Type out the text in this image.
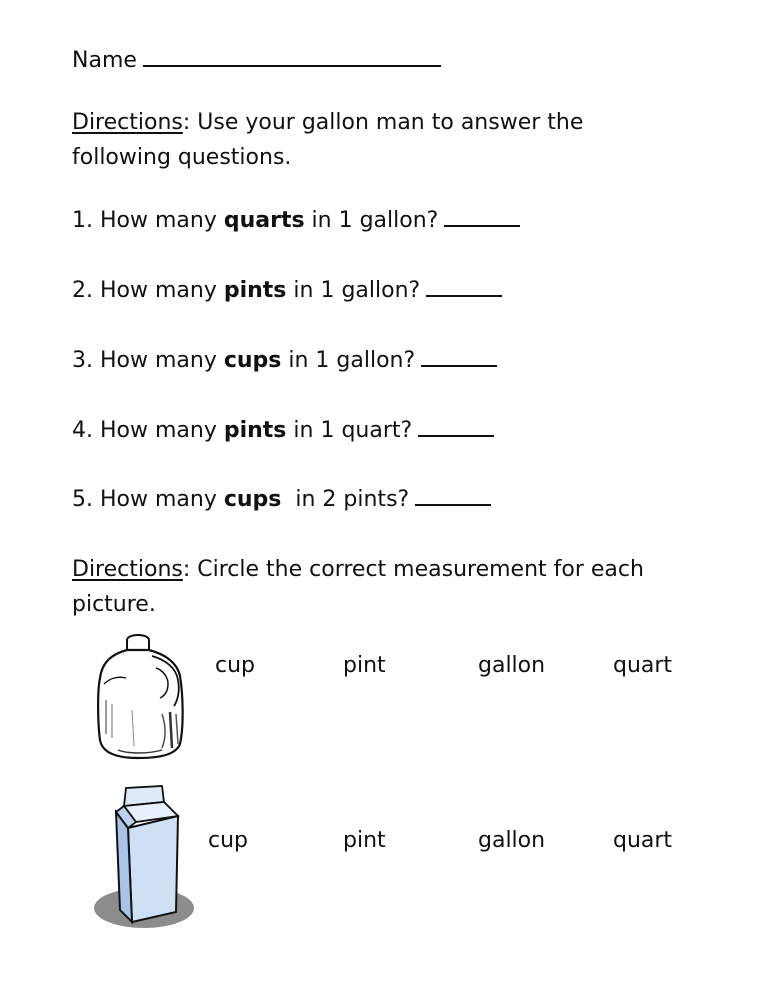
Name
Directions: Use your gallon man to answer the
following questions.
1. How many quarts in 1 gallon?
2. How many pints in 1 gallon?
3. How many cups in 1 gallon?
4. How many pints in 1 quart?
5. How many cups  in 2 pints?
Directions: Circle the correct measurement for each
picture.
cup	pint	gallon	quart
cup	pint	gallon	quart
